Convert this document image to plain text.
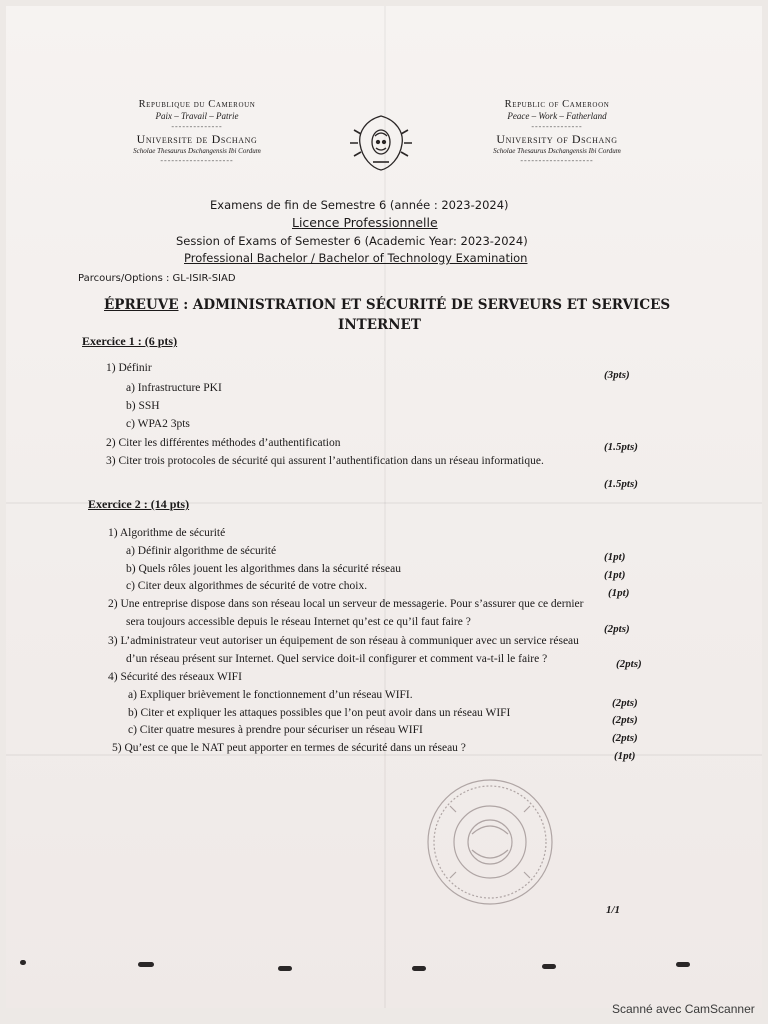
Republique du Cameroun
Paix – Travail – Patrie
--------------
Universite de Dschang
Scholae Thesaurus Dschangensis Ibi Cordum
--------------------
Republic of Cameroon
Peace – Work – Fatherland
--------------
University of Dschang
Scholae Thesaurus Dschangensis Ibi Cordum
--------------------
Examens de fin de Semestre 6 (année : 2023-2024)
Licence Professionnelle
Session of Exams of Semester 6 (Academic Year: 2023-2024)
Professional Bachelor / Bachelor of Technology Examination
Parcours/Options : GL-ISIR-SIAD
ÉPREUVE : ADMINISTRATION ET SÉCURITÉ DE SERVEURS ET SERVICES
INTERNET
Exercice 1 : (6 pts)
1) Définir
(3pts)
a) Infrastructure PKI
b) SSH
c) WPA2 3pts
2) Citer les différentes méthodes d’authentification	(1.5pts)
3) Citer trois protocoles de sécurité qui assurent l’authentification dans un réseau informatique.
(1.5pts)
Exercice 2 : (14 pts)
1) Algorithme de sécurité
a) Définir algorithme de sécurité	(1pt)
b) Quels rôles jouent les algorithmes dans la sécurité réseau	(1pt)
c) Citer deux algorithmes de sécurité de votre choix.
(1pt)
2) Une entreprise dispose dans son réseau local un serveur de messagerie. Pour s’assurer que ce dernier
sera toujours accessible depuis le réseau Internet qu’est ce qu’il faut faire ?
(2pts)
3) L’administrateur veut autoriser un équipement de son réseau à communiquer avec un service réseau
d’un réseau présent sur Internet. Quel service doit-il configurer et comment va-t-il le faire ?	(2pts)
4) Sécurité des réseaux WIFI
a) Expliquer brièvement le fonctionnement d’un réseau WIFI.
(2pts)
b) Citer et expliquer les attaques possibles que l’on peut avoir dans un réseau WIFI
(2pts)
c) Citer quatre mesures à prendre pour sécuriser un réseau WIFI
(2pts)
5) Qu’est ce que le NAT peut apporter en termes de sécurité dans un réseau ?
(1pt)
1/1
Scanné avec CamScanner
